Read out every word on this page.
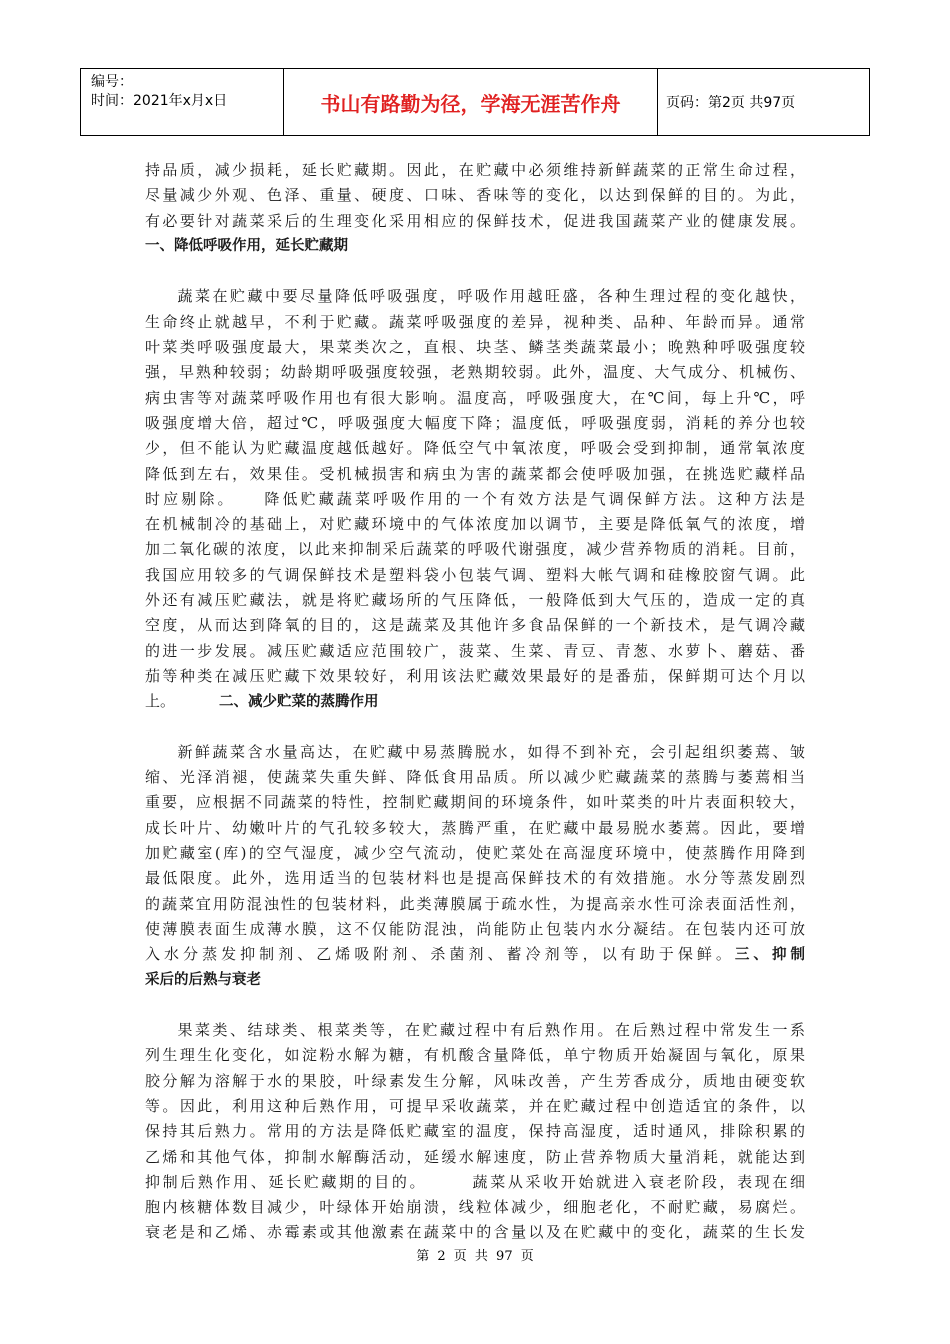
编号：
时间：2021年x月x日	书山有路勤为径，学海无涯苦作舟	页码：第2页 共97页
持品质，减少损耗，延长贮藏期。因此，在贮藏中必须维持新鲜蔬菜的正常生命过程，
尽量减少外观、色泽、重量、硬度、口味、香味等的变化，以达到保鲜的目的。为此，
有必要针对蔬菜采后的生理变化采用相应的保鲜技术，促进我国蔬菜产业的健康发展。
一、降低呼吸作用，延长贮藏期
蔬菜在贮藏中要尽量降低呼吸强度，呼吸作用越旺盛，各种生理过程的变化越快，
生命终止就越早，不利于贮藏。蔬菜呼吸强度的差异，视种类、品种、年龄而异。通常
叶菜类呼吸强度最大，果菜类次之，直根、块茎、鳞茎类蔬菜最小；晚熟种呼吸强度较
强，早熟种较弱；幼龄期呼吸强度较强，老熟期较弱。此外，温度、大气成分、机械伤、
病虫害等对蔬菜呼吸作用也有很大影响。温度高，呼吸强度大，在℃间，每上升℃，呼
吸强度增大倍，超过℃，呼吸强度大幅度下降；温度低，呼吸强度弱，消耗的养分也较
少，但不能认为贮藏温度越低越好。降低空气中氧浓度，呼吸会受到抑制，通常氧浓度
降低到左右，效果佳。受机械损害和病虫为害的蔬菜都会使呼吸加强，在挑选贮藏样品
时应剔除。　　降低贮藏蔬菜呼吸作用的一个有效方法是气调保鲜方法。这种方法是
在机械制冷的基础上，对贮藏环境中的气体浓度加以调节，主要是降低氧气的浓度，增
加二氧化碳的浓度，以此来抑制采后蔬菜的呼吸代谢强度，减少营养物质的消耗。目前，
我国应用较多的气调保鲜技术是塑料袋小包装气调、塑料大帐气调和硅橡胶窗气调。此
外还有减压贮藏法，就是将贮藏场所的气压降低，一般降低到大气压的，造成一定的真
空度，从而达到降氧的目的，这是蔬菜及其他许多食品保鲜的一个新技术，是气调冷藏
的进一步发展。减压贮藏适应范围较广，菠菜、生菜、青豆、青葱、水萝卜、蘑菇、番
茄等种类在减压贮藏下效果较好，利用该法贮藏效果最好的是番茄，保鲜期可达个月以
上。	二、减少贮菜的蒸腾作用
新鲜蔬菜含水量高达，在贮藏中易蒸腾脱水，如得不到补充，会引起组织萎蔫、皱
缩、光泽消褪，使蔬菜失重失鲜、降低食用品质。所以减少贮藏蔬菜的蒸腾与萎蔫相当
重要，应根据不同蔬菜的特性，控制贮藏期间的环境条件，如叶菜类的叶片表面积较大，
成长叶片、幼嫩叶片的气孔较多较大，蒸腾严重，在贮藏中最易脱水萎蔫。因此，要增
加贮藏室(库)的空气湿度，减少空气流动，使贮菜处在高湿度环境中，使蒸腾作用降到
最低限度。此外，选用适当的包装材料也是提高保鲜技术的有效措施。水分等蒸发剧烈
的蔬菜宜用防混浊性的包装材料，此类薄膜属于疏水性，为提高亲水性可涂表面活性剂，
使薄膜表面生成薄水膜，这不仅能防混浊，尚能防止包装内水分凝结。在包装内还可放
入水分蒸发抑制剂、乙烯吸附剂、杀菌剂、蓄冷剂等，以有助于保鲜。三、抑制
采后的后熟与衰老
果菜类、结球类、根菜类等，在贮藏过程中有后熟作用。在后熟过程中常发生一系
列生理生化变化，如淀粉水解为糖，有机酸含量降低，单宁物质开始凝固与氧化，原果
胶分解为溶解于水的果胶，叶绿素发生分解，风味改善，产生芳香成分，质地由硬变软
等。因此，利用这种后熟作用，可提早采收蔬菜，并在贮藏过程中创造适宜的条件，以
保持其后熟力。常用的方法是降低贮藏室的温度，保持高湿度，适时通风，排除积累的
乙烯和其他气体，抑制水解酶活动，延缓水解速度，防止营养物质大量消耗，就能达到
抑制后熟作用、延长贮藏期的目的。　　　蔬菜从采收开始就进入衰老阶段，表现在细
胞内核糖体数目减少，叶绿体开始崩溃，线粒体减少，细胞老化，不耐贮藏，易腐烂。
衰老是和乙烯、赤霉素或其他激素在蔬菜中的含量以及在贮藏中的变化，蔬菜的生长发
第 2 页 共 97 页
